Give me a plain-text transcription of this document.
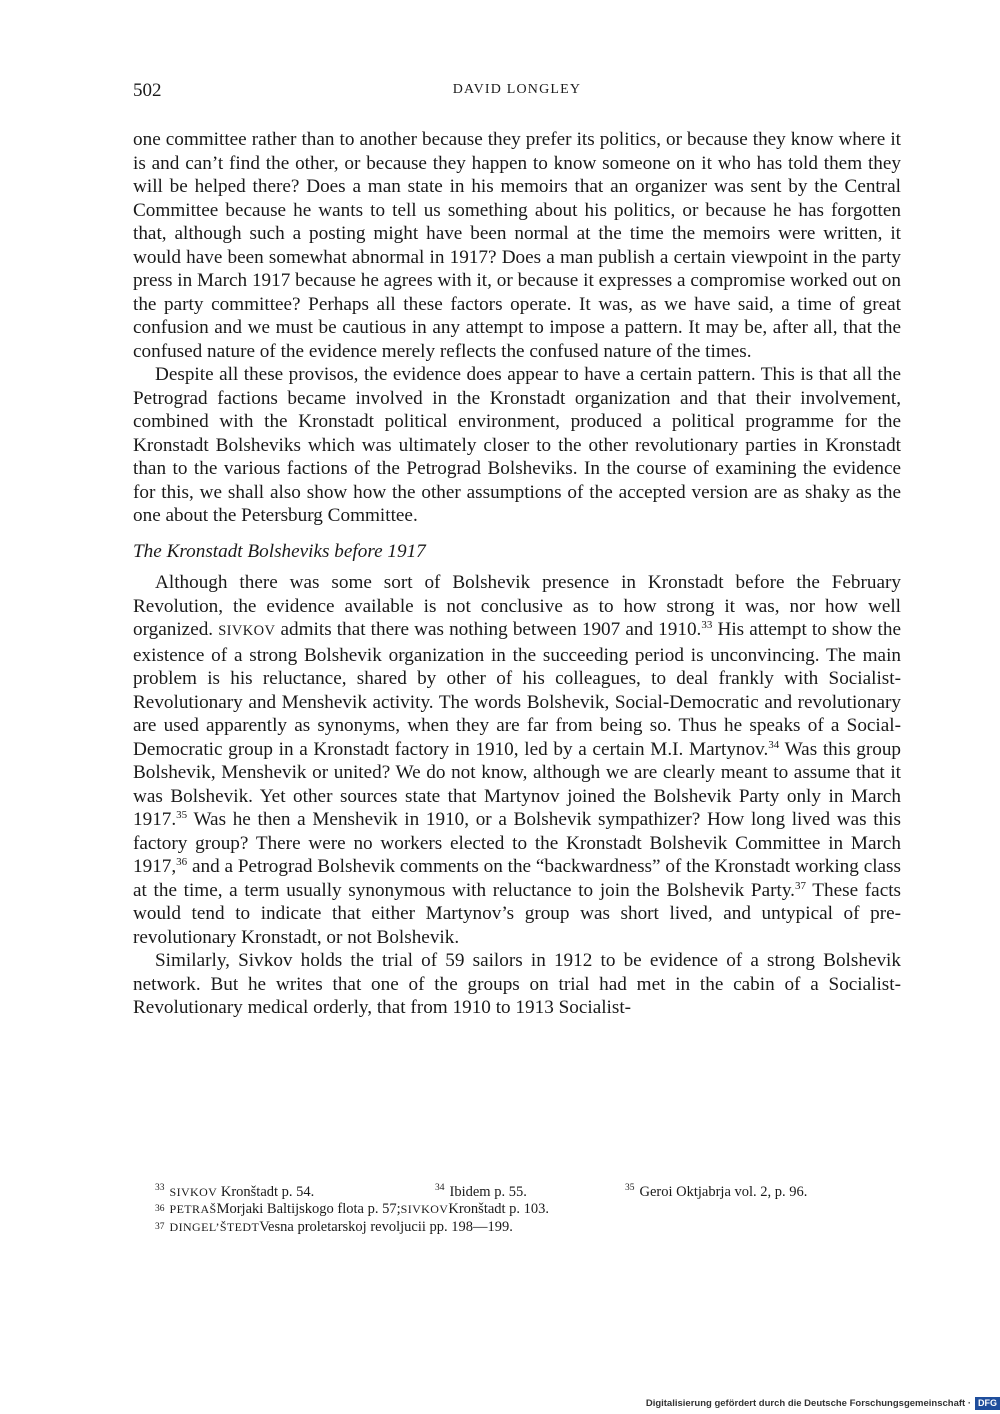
502	DAVID LONGLEY

one committee rather than to another because they prefer its politics, or because they know where it is and can’t find the other, or because they happen to know someone on it who has told them they will be helped there? Does a man state in his memoirs that an organizer was sent by the Central Committee because he wants to tell us something about his politics, or because he has forgotten that, although such a posting might have been normal at the time the memoirs were written, it would have been somewhat abnormal in 1917? Does a man publish a certain viewpoint in the party press in March 1917 because he agrees with it, or because it expresses a compromise worked out on the party committee? Perhaps all these factors operate. It was, as we have said, a time of great confusion and we must be cautious in any attempt to impose a pattern. It may be, after all, that the confused nature of the evidence merely reflects the confused nature of the times.

Despite all these provisos, the evidence does appear to have a certain pattern. This is that all the Petrograd factions became involved in the Kronstadt organization and that their involvement, combined with the Kronstadt political environment, produced a political programme for the Kronstadt Bolsheviks which was ultimately closer to the other revolutionary parties in Kronstadt than to the various factions of the Petrograd Bolsheviks. In the course of examining the evidence for this, we shall also show how the other assumptions of the accepted version are as shaky as the one about the Petersburg Committee.

The Kronstadt Bolsheviks before 1917

Although there was some sort of Bolshevik presence in Kronstadt before the February Revolution, the evidence available is not conclusive as to how strong it was, nor how well organized. SIVKOV admits that there was nothing between 1907 and 1910.33 His attempt to show the existence of a strong Bolshevik organization in the succeeding period is unconvincing. The main problem is his reluctance, shared by other of his colleagues, to deal frankly with Socialist-Revolutionary and Menshevik activity. The words Bolshevik, Social-Democratic and revolutionary are used apparently as synonyms, when they are far from being so. Thus he speaks of a Social-Democratic group in a Kronstadt factory in 1910, led by a certain M.I. Martynov.$^{34}$ Was this group Bolshevik, Menshevik or united? We do not know, although we are clearly meant to assume that it was Bolshevik. Yet other sources state that Martynov joined the Bolshevik Party only in March 1917.35 Was he then a Menshevik in 1910, or a Bolshevik sympathizer? How long lived was this factory group? There were no workers elected to the Kronstadt Bolshevik Committee in March 1917,36 and a Petrograd Bolshevik comments on the “backwardness” of the Kronstadt working class at the time, a term usually synonymous with reluctance to join the Bolshevik Party.$^{37}$ These facts would tend to indicate that either Martynov’s group was short lived, and untypical of pre-revolutionary Kronstadt, or not Bolshevik.

Similarly, Sivkov holds the trial of 59 sailors in 1912 to be evidence of a strong Bolshevik network. But he writes that one of the groups on trial had met in the cabin of a Socialist-Revolutionary medical orderly, that from 1910 to 1913 Socialist-

$^{33}$ SIVKOV Kronštadt p. 54.	$^{34}$ Ibidem p. 55.	$^{35}$ Geroi Oktjabrja vol. 2, p. 96.
36 PETRAŠ Morjaki Baltijskogo flota p. 57; SIVKOV Kronštadt p. 103.
37 DINGEL’ŠTEDT Vesna proletarskoj revoljucii pp. 198—199.
Digitalisierung gefördert durch die Deutsche Forschungsgemeinschaft · DFG
